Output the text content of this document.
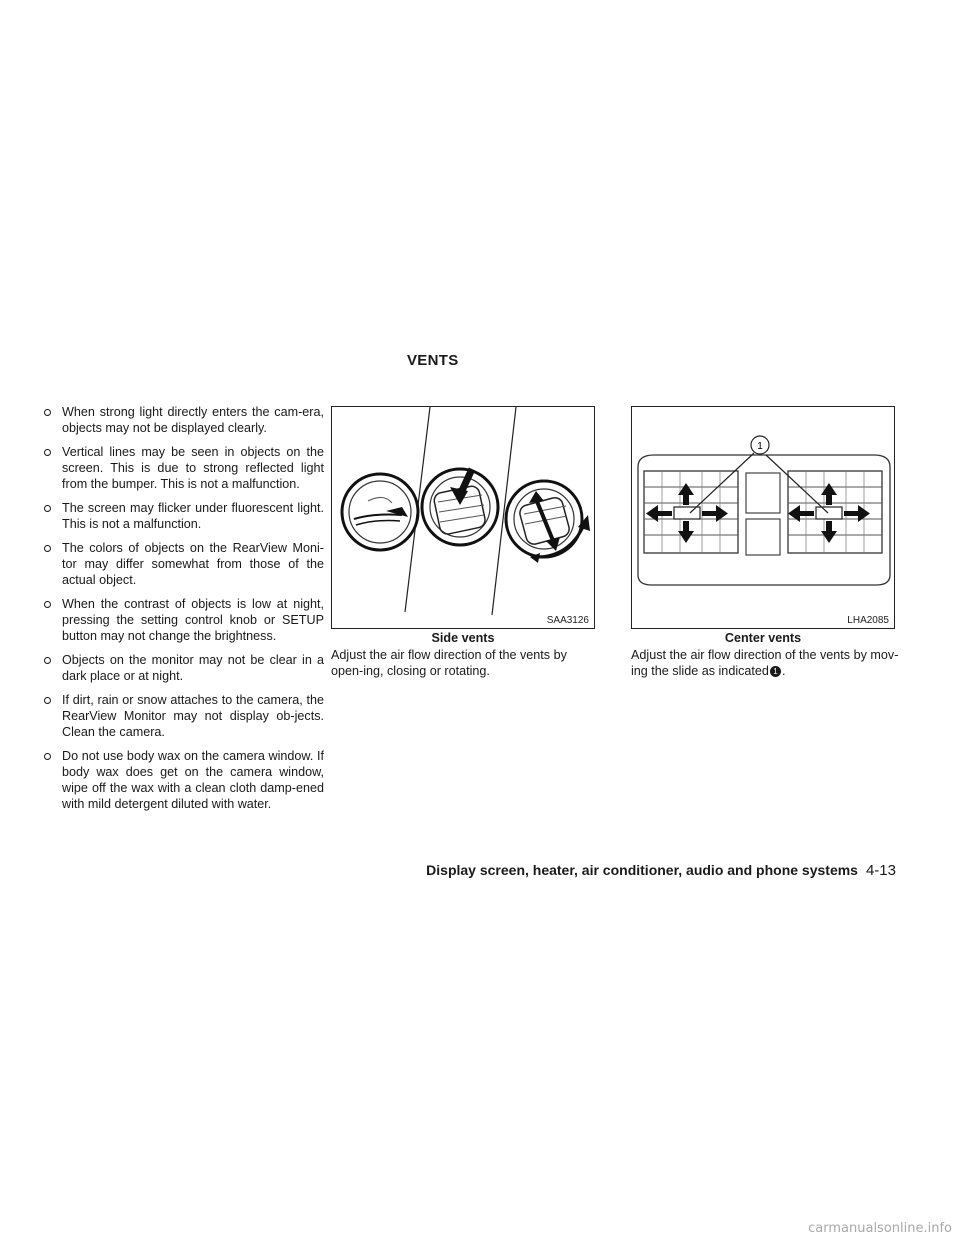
VENTS
When strong light directly enters the cam-era, objects may not be displayed clearly.
Vertical lines may be seen in objects on the screen. This is due to strong reflected light from the bumper. This is not a malfunction.
The screen may flicker under fluorescent light. This is not a malfunction.
The colors of objects on the RearView Moni-tor may differ somewhat from those of the actual object.
When the contrast of objects is low at night, pressing the setting control knob or SETUP button may not change the brightness.
Objects on the monitor may not be clear in a dark place or at night.
If dirt, rain or snow attaches to the camera, the RearView Monitor may not display ob-jects. Clean the camera.
Do not use body wax on the camera window. If body wax does get on the camera window, wipe off the wax with a clean cloth damp-ened with mild detergent diluted with water.
SAA3126
Side vents
Adjust the air flow direction of the vents by open-ing, closing or rotating.
1
LHA2085
Center vents
Adjust the air flow direction of the vents by mov-ing the slide as indicated 1 .
Display screen, heater, air conditioner, audio and phone systems 4-13
carmanualsonline.info
